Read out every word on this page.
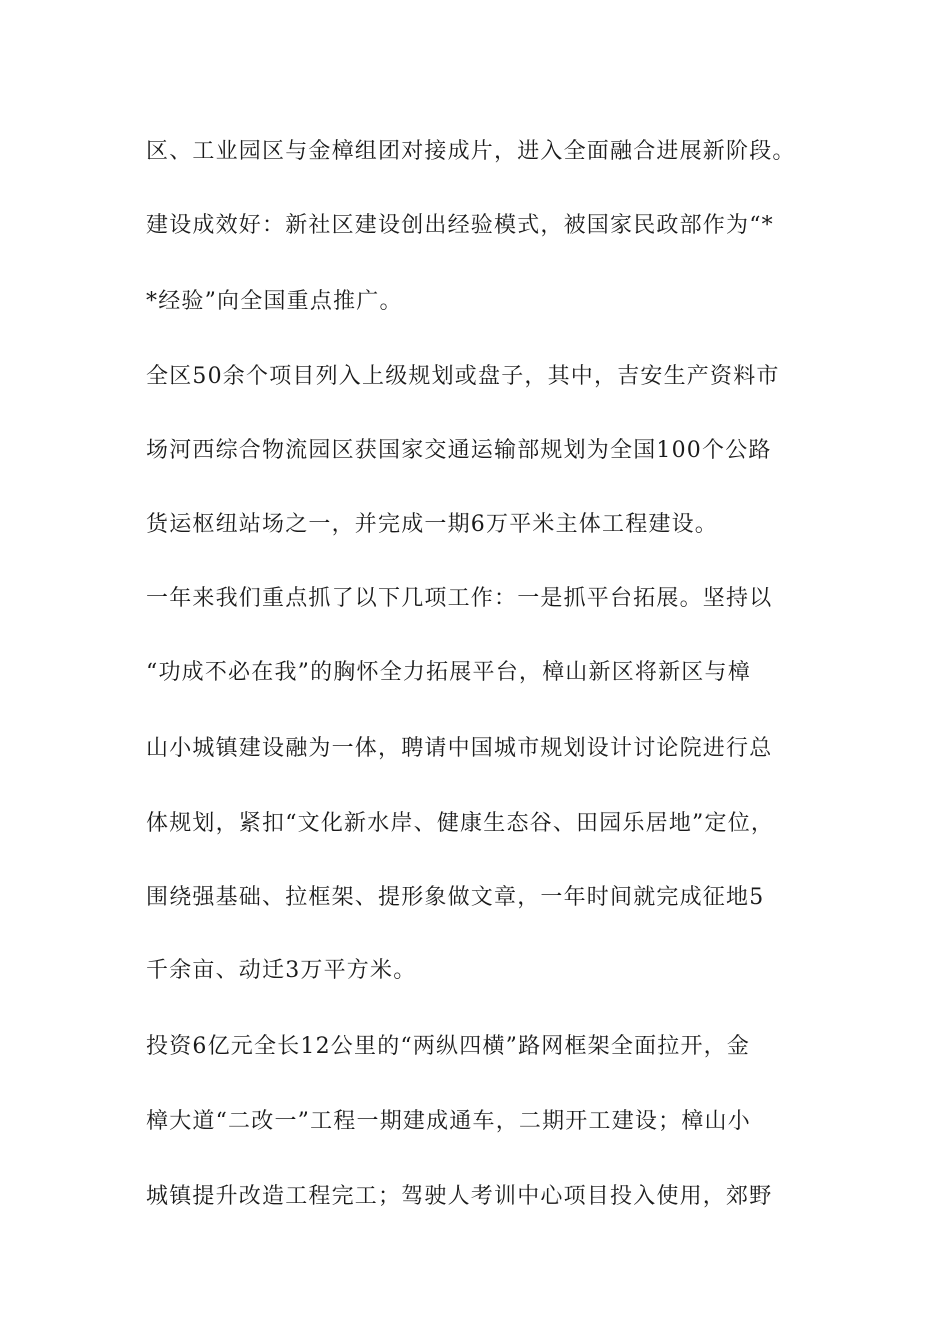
区、工业园区与金樟组团对接成片，进入全面融合进展新阶段。
建设成效好：新社区建设创出经验模式，被国家民政部作为“*
*经验”向全国重点推广。
全区50余个项目列入上级规划或盘子，其中，吉安生产资料市
场河西综合物流园区获国家交通运输部规划为全国100个公路
货运枢纽站场之一，并完成一期6万平米主体工程建设。
一年来我们重点抓了以下几项工作：一是抓平台拓展。坚持以
“功成不必在我”的胸怀全力拓展平台，樟山新区将新区与樟
山小城镇建设融为一体，聘请中国城市规划设计讨论院进行总
体规划，紧扣“文化新水岸、健康生态谷、田园乐居地”定位，
围绕强基础、拉框架、提形象做文章，一年时间就完成征地5
千余亩、动迁3万平方米。
投资6亿元全长12公里的“两纵四横”路网框架全面拉开，金
樟大道“二改一”工程一期建成通车，二期开工建设；樟山小
城镇提升改造工程完工；驾驶人考训中心项目投入使用，郊野
